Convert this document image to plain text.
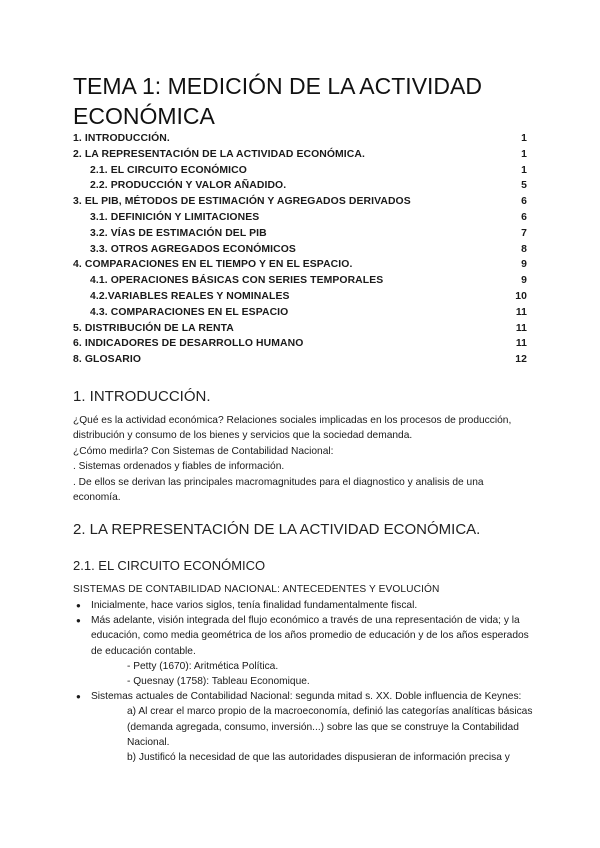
TEMA 1: MEDICIÓN DE LA ACTIVIDAD ECONÓMICA
1. INTRODUCCIÓN.	1
2. LA REPRESENTACIÓN DE LA ACTIVIDAD ECONÓMICA.	1
2.1. EL CIRCUITO ECONÓMICO	1
2.2. PRODUCCIÓN Y VALOR AÑADIDO.	5
3. EL PIB, MÉTODOS DE ESTIMACIÓN Y AGREGADOS DERIVADOS	6
3.1. DEFINICIÓN Y LIMITACIONES	6
3.2. VÍAS DE ESTIMACIÓN DEL PIB	7
3.3. OTROS AGREGADOS ECONÓMICOS	8
4. COMPARACIONES EN EL TIEMPO Y EN EL ESPACIO.	9
4.1. OPERACIONES BÁSICAS CON SERIES TEMPORALES	9
4.2.VARIABLES REALES Y NOMINALES	10
4.3. COMPARACIONES EN EL ESPACIO	11
5. DISTRIBUCIÓN DE LA RENTA	11
6. INDICADORES DE DESARROLLO HUMANO	11
8. GLOSARIO	12
1. INTRODUCCIÓN.

¿Qué es la actividad económica? Relaciones sociales implicadas en los procesos de producción, distribución y consumo de los bienes y servicios que la sociedad demanda.

¿Cómo medirla? Con Sistemas de Contabilidad Nacional:

. Sistemas ordenados y fiables de información.

. De ellos se derivan las principales macromagnitudes para el diagnostico y analisis de una economía.

2. LA REPRESENTACIÓN DE LA ACTIVIDAD ECONÓMICA.
2.1. EL CIRCUITO ECONÓMICO

SISTEMAS DE CONTABILIDAD NACIONAL: ANTECEDENTES Y EVOLUCIÓN

● Inicialmente, hace varios siglos, tenía finalidad fundamentalmente fiscal.
● Más adelante, visión integrada del flujo económico a través de una representación de vida; y la educación, como media geométrica de los años promedio de educación y de los años esperados de educación contable.
- Petty (1670): Aritmética Política.
- Quesnay (1758): Tableau Economique.
● Sistemas actuales de Contabilidad Nacional: segunda mitad s. XX. Doble influencia de Keynes:
a) Al crear el marco propio de la macroeconomía, definió las categorías analíticas básicas (demanda agregada, consumo, inversión...) sobre las que se construye la Contabilidad Nacional.
b) Justificó la necesidad de que las autoridades dispusieran de información precisa y
